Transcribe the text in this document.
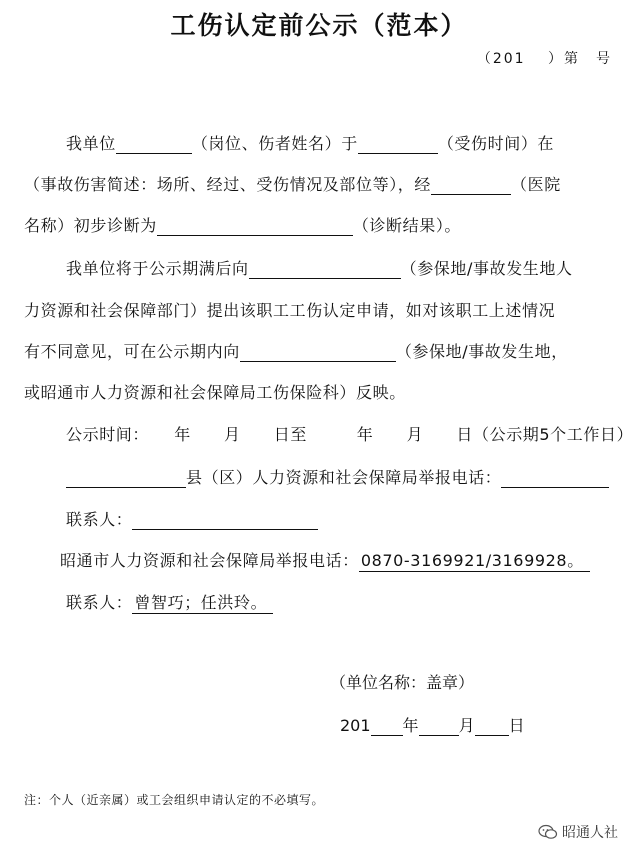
工伤认定前公示（范本）
（201　 ）第　号
我单位	（岗位、伤者姓名）于	（受伤时间）在
（事故伤害简述：场所、经过、受伤情况及部位等），经	（医院
名称）初步诊断为	（诊断结果）。
我单位将于公示期满后向	（参保地/事故发生地人
力资源和社会保障部门）提出该职工工伤认定申请，如对该职工上述情况
有不同意见，可在公示期内向	（参保地/事故发生地，
或昭通市人力资源和社会保障局工伤保险科）反映。
公示时间：　　年　　月　　日至　　　年　　月　　日（公示期5个工作日）
县（区）人力资源和社会保障局举报电话：
联系人：
昭通市人力资源和社会保障局举报电话： 0870-3169921/3169928。
联系人： 曾智巧；任洪玲。
（单位名称：盖章）
201 年	月 日
注：个人（近亲属）或工会组织申请认定的不必填写。
昭通人社
